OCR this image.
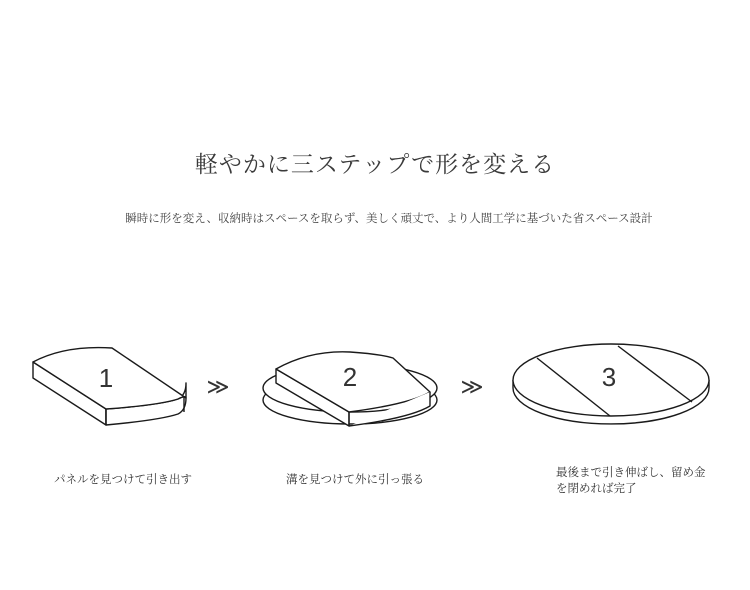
軽やかに三ステップで形を変える
瞬時に形を変え、収納時はスペースを取らず、美しく頑丈で、より人間工学に基づいた省スペース設計
1	≫	2	≫	3
パネルを見つけて引き出す	溝を見つけて外に引っ張る	最後まで引き伸ばし、留め金を閉めれば完了
